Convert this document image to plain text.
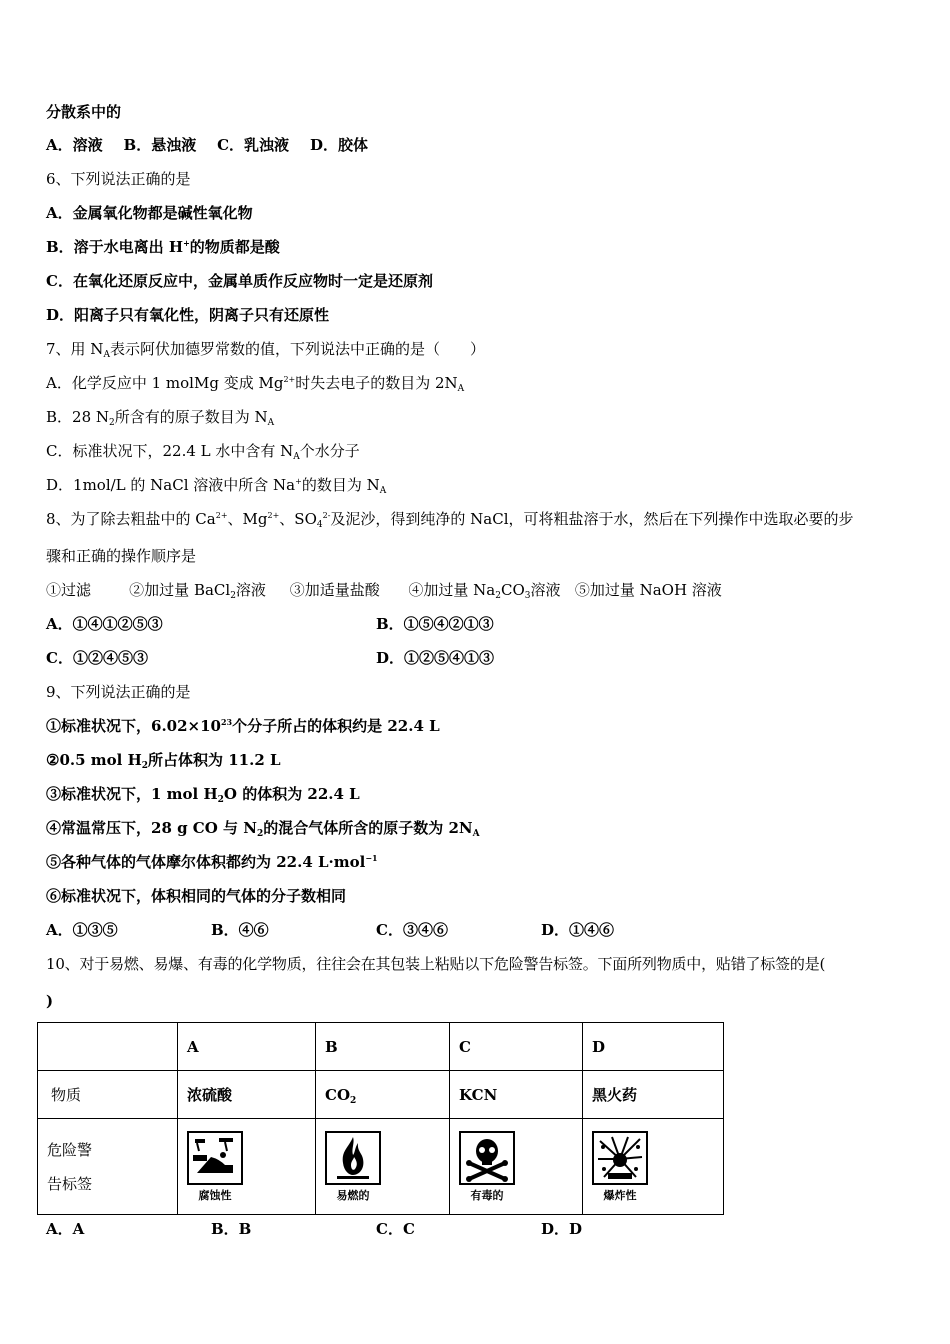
分散系中的
A．溶液 B．悬浊液 C．乳浊液 D．胶体
6、下列说法正确的是
A．金属氧化物都是碱性氧化物
B．溶于水电离出 H+的物质都是酸
C．在氧化还原反应中，金属单质作反应物时一定是还原剂
D．阳离子只有氧化性，阴离子只有还原性
7、用 $N_A$表示阿伏加德罗常数的值，下列说法中正确的是（　　）
A．化学反应中 1 molMg 变成 $Mg^{2+}$时失去电子的数目为 $2N_A$
B．28 $N_2$所含有的原子数目为 $N_A$
C．标准状况下，22.4 L 水中含有 $N_A$个水分子
D．1mol/L 的 NaCl 溶液中所含 Na+的数目为 $N_A$
8、为了除去粗盐中的 $Ca^{2+}$、$Mg^{2+}$、$SO_4^{2-}$及泥沙，得到纯净的 NaCl，可将粗盐溶于水，然后在下列操作中选取必要的步
骤和正确的操作顺序是
①过滤	②加过量 BaCl$_2$溶液 ③加适量盐酸 ④加过量 $Na_2CO_3$溶液 ⑤加过量 NaOH 溶液
A．①④①②⑤③	B．①⑤④②①③
C．①②④⑤③	D．①②⑤④①③
9、下列说法正确的是
①标准状况下，$6.02\times 10^{23}$个分子所占的体积约是 22.4 L
②0.5 mol $H_2$所占体积为 11.2 L
③标准状况下，1 mol $H_2O$ 的体积为 22.4 L
④常温常压下，28 g CO 与 $N_2$的混合气体所含的原子数为 $2N_A$
⑤各种气体的气体摩尔体积都约为 22.4 L·mol$^{-1}$
⑥标准状况下，体积相同的气体的分子数相同
A．①③⑤	B．④⑥	C．③④⑥	D．①④⑥
10、对于易燃、易爆、有毒的化学物质，往往会在其包装上粘贴以下危险警告标签。下面所列物质中，贴错了标签的是(
)
	A	B	C	D
物质	浓硫酸	$CO_2$	KCN	黑火药
危险警
告标签	腐蚀性	易燃的	有毒的	爆炸性
A．A	B．B	C．C	D．D
